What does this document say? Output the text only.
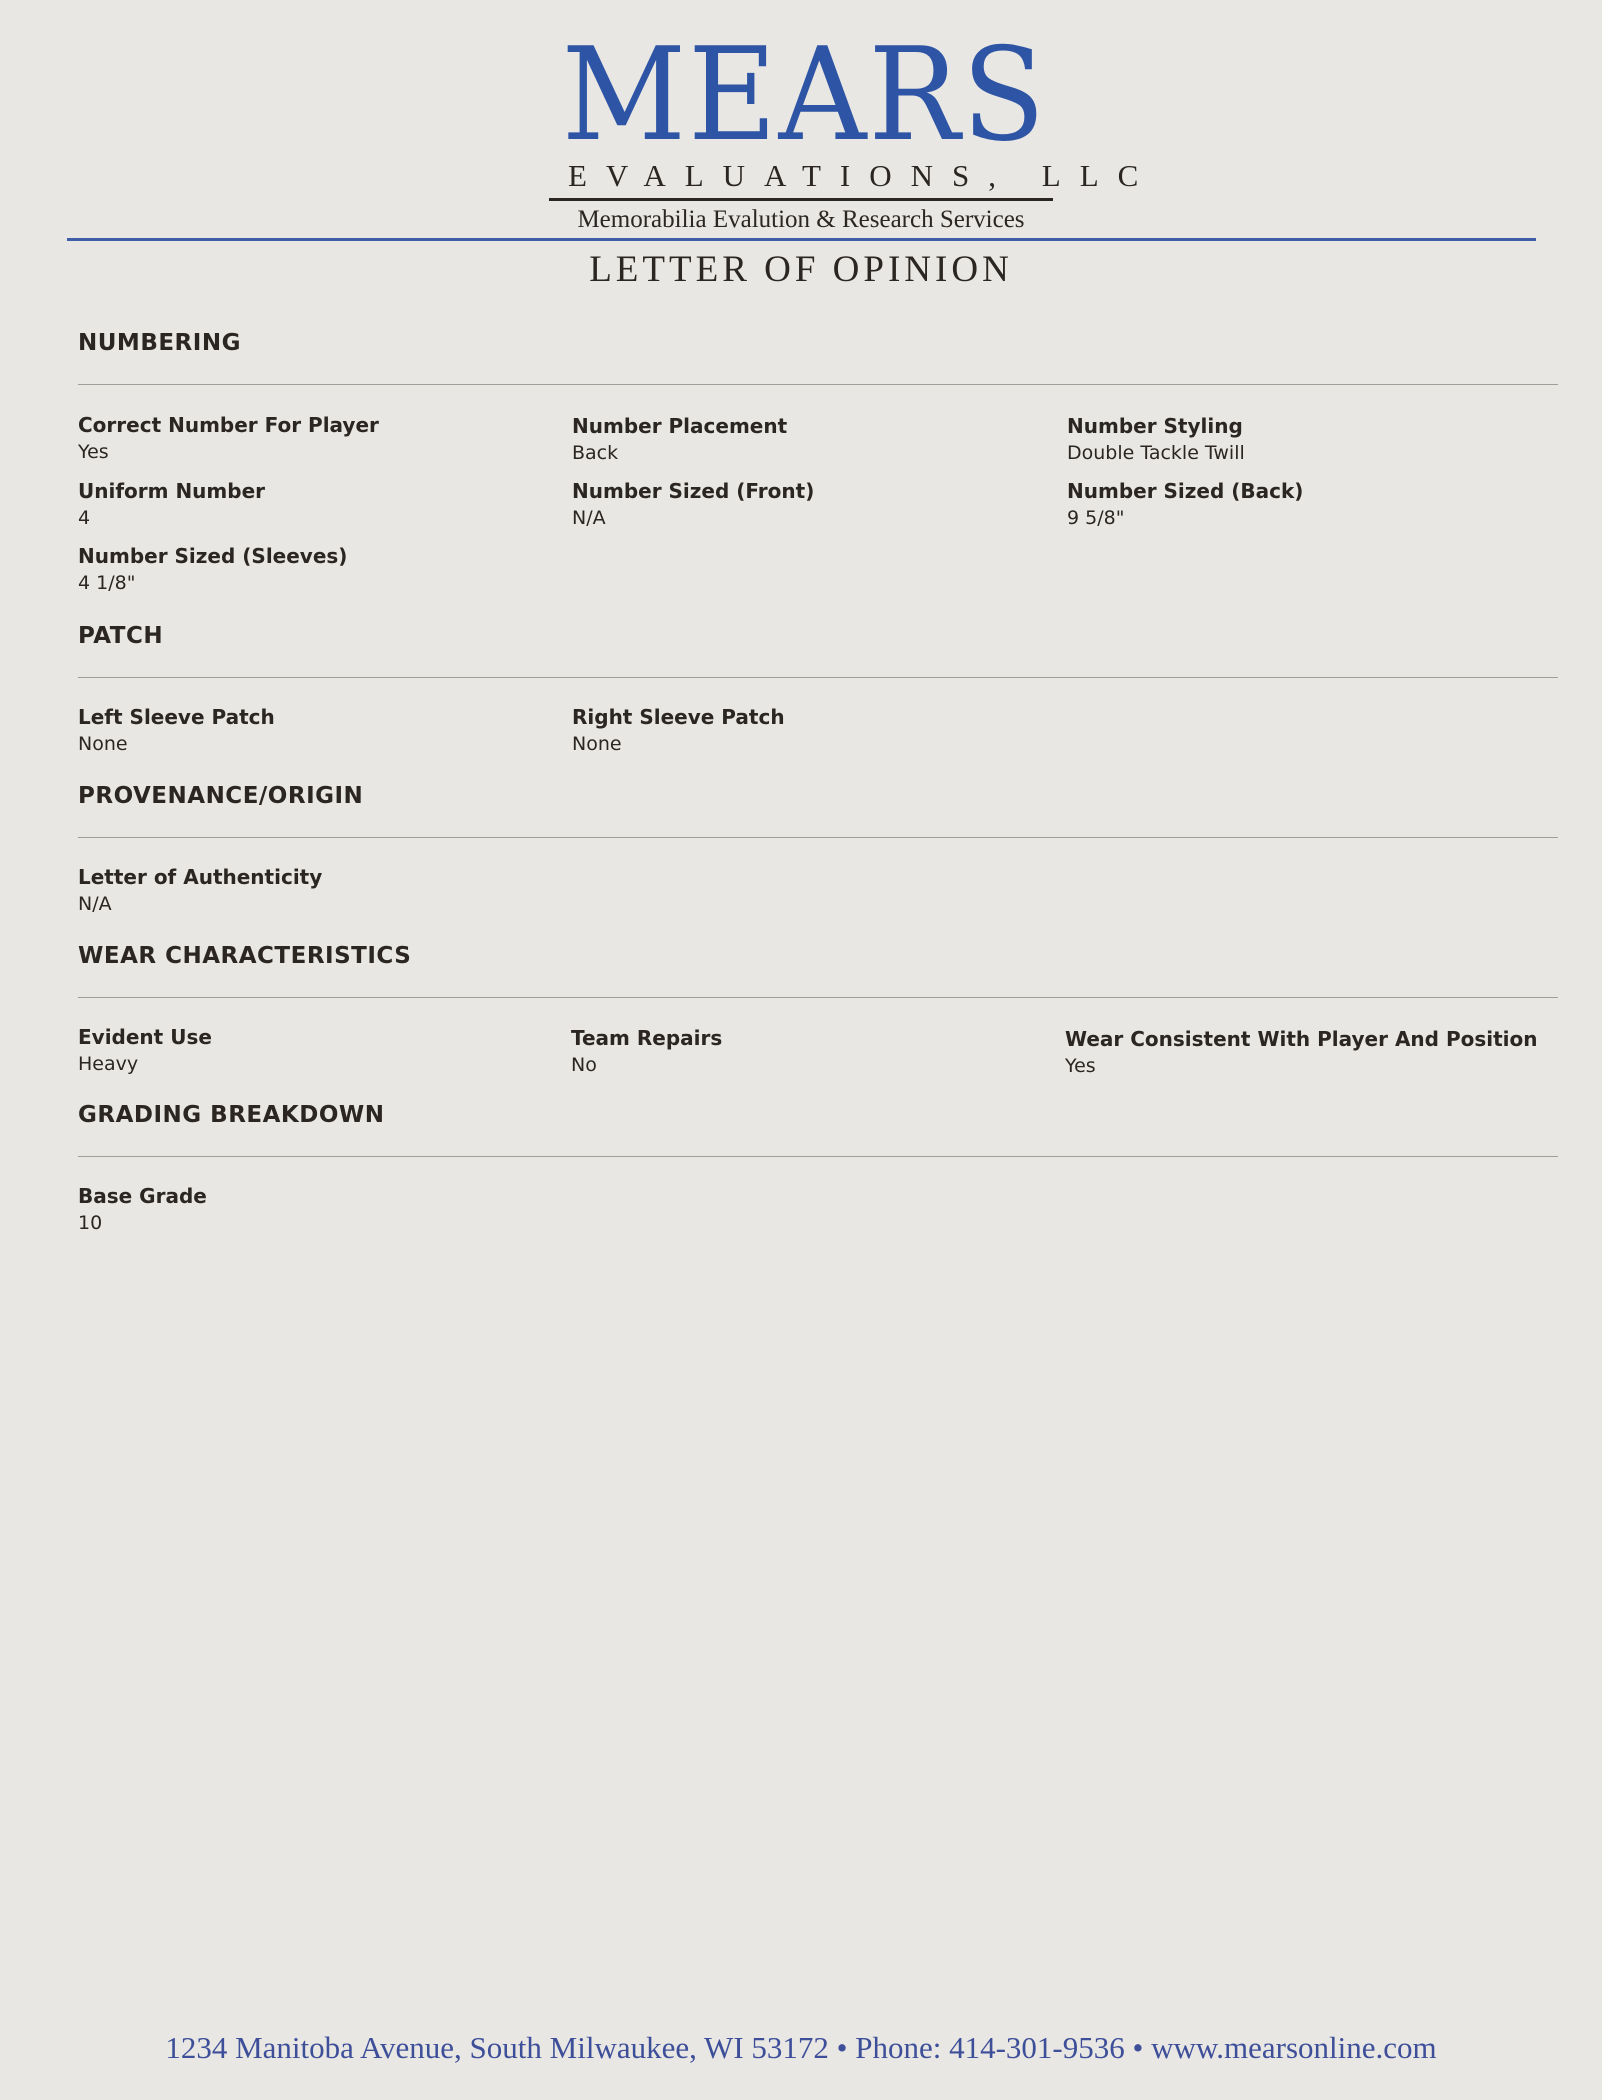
MEARS
EVALUATIONS, LLC
Memorabilia Evalution & Research Services
LETTER OF OPINION
NUMBERING
Correct Number For Player
Yes
Number Placement
Back
Number Styling
Double Tackle Twill
Uniform Number
4
Number Sized (Front)
N/A
Number Sized (Back)
9 5/8"
Number Sized (Sleeves)
4 1/8"
PATCH
Left Sleeve Patch
None
Right Sleeve Patch
None
PROVENANCE/ORIGIN
Letter of Authenticity
N/A
WEAR CHARACTERISTICS
Evident Use
Heavy
Team Repairs
No
Wear Consistent With Player And Position
Yes
GRADING BREAKDOWN
Base Grade
10
1234 Manitoba Avenue, South Milwaukee, WI 53172 • Phone: 414-301-9536 • www.mearsonline.com
